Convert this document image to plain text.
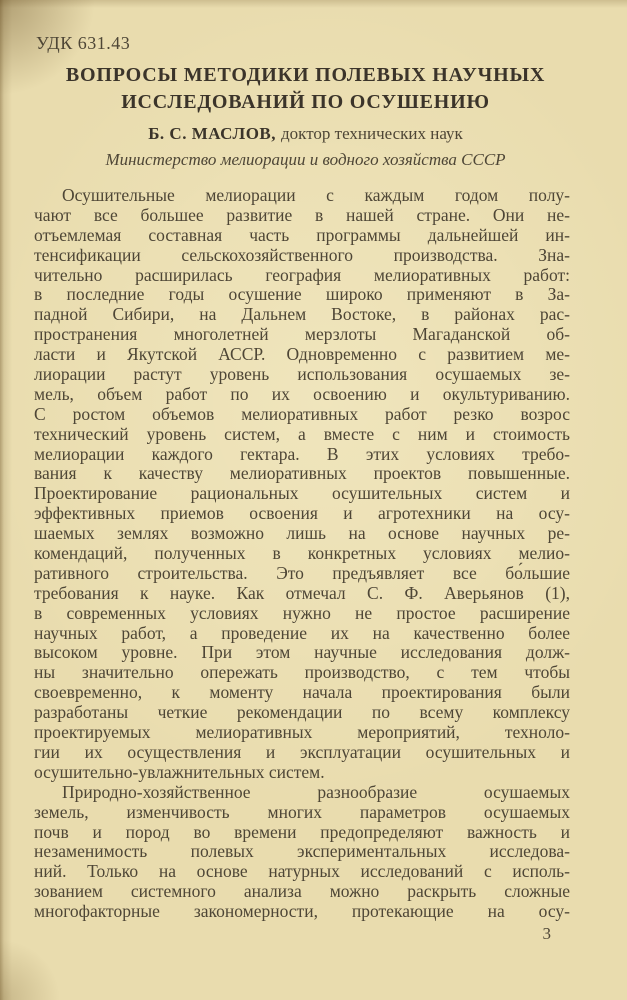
УДК 631.43
ВОПРОСЫ МЕТОДИКИ ПОЛЕВЫХ НАУЧНЫХ
ИССЛЕДОВАНИЙ ПО ОСУШЕНИЮ
Б. С. МАСЛОВ, доктор технических наук
Министерство мелиорации и водного хозяйства СССР
Осушительные мелиорации с каждым годом полу-
чают все большее развитие в нашей стране. Они не-
отъемлемая составная часть программы дальнейшей ин-
тенсификации сельскохозяйственного производства. Зна-
чительно расширилась география мелиоративных работ:
в последние годы осушение широко применяют в За-
падной Сибири, на Дальнем Востоке, в районах рас-
пространения многолетней мерзлоты Магаданской об-
ласти и Якутской АССР. Одновременно с развитием ме-
лиорации растут уровень использования осушаемых зе-
мель, объем работ по их освоению и окультуриванию.
С ростом объемов мелиоративных работ резко возрос
технический уровень систем, а вместе с ним и стоимость
мелиорации каждого гектара. В этих условиях требо-
вания к качеству мелиоративных проектов повышенные.
Проектирование рациональных осушительных систем и
эффективных приемов освоения и агротехники на осу-
шаемых землях возможно лишь на основе научных ре-
комендаций, полученных в конкретных условиях мелио-
ративного строительства. Это предъявляет все бо́льшие
требования к науке. Как отмечал С. Ф. Аверьянов (1),
в современных условиях нужно не простое расширение
научных работ, а проведение их на качественно более
высоком уровне. При этом научные исследования долж-
ны значительно опережать производство, с тем чтобы
своевременно, к моменту начала проектирования были
разработаны четкие рекомендации по всему комплексу
проектируемых мелиоративных мероприятий, техноло-
гии их осуществления и эксплуатации осушительных и
осушительно-увлажнительных систем.
Природно-хозяйственное разнообразие осушаемых
земель, изменчивость многих параметров осушаемых
почв и пород во времени предопределяют важность и
незаменимость полевых экспериментальных исследова-
ний. Только на основе натурных исследований с исполь-
зованием системного анализа можно раскрыть сложные
многофакторные закономерности, протекающие на осу-
3
